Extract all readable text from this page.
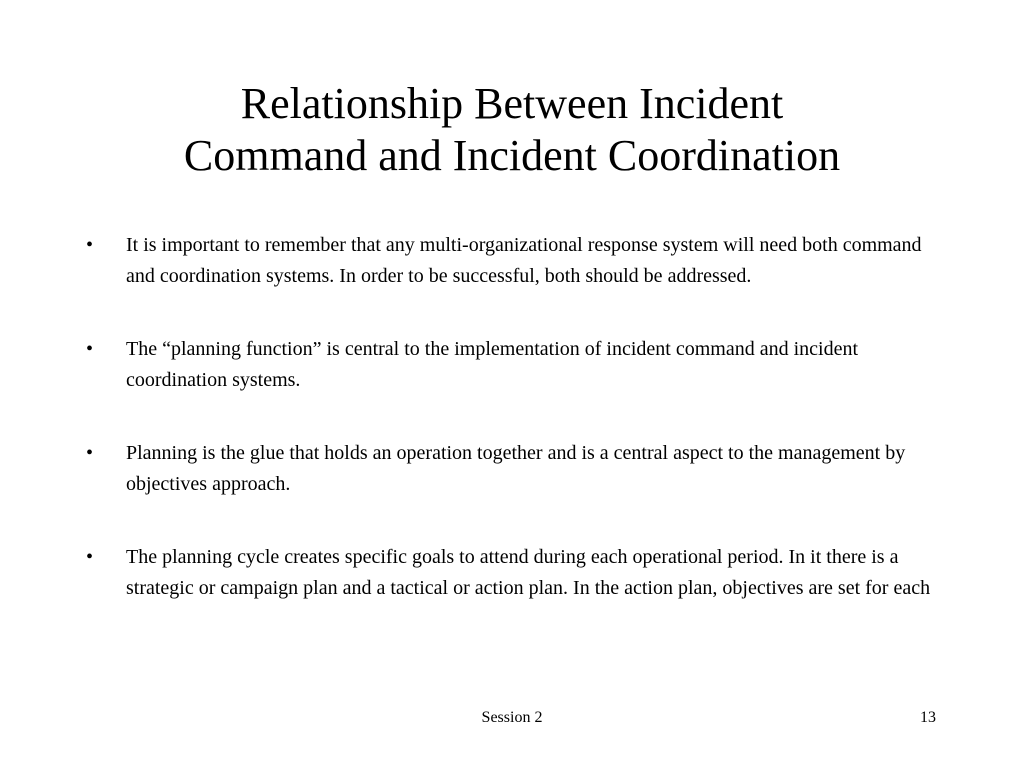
Relationship Between Incident
Command and Incident Coordination
•	It is important to remember that any multi-organizational response system will need both command and coordination systems. In order to be successful, both should be addressed.
•	The “planning function” is central to the implementation of incident command and incident coordination systems.
•	Planning is the glue that holds an operation together and is a central aspect to the management by objectives approach.
•	The planning cycle creates specific goals to attend during each operational period. In it there is a strategic or campaign plan and a tactical or action plan. In the action plan, objectives are set for each
Session 2	13
